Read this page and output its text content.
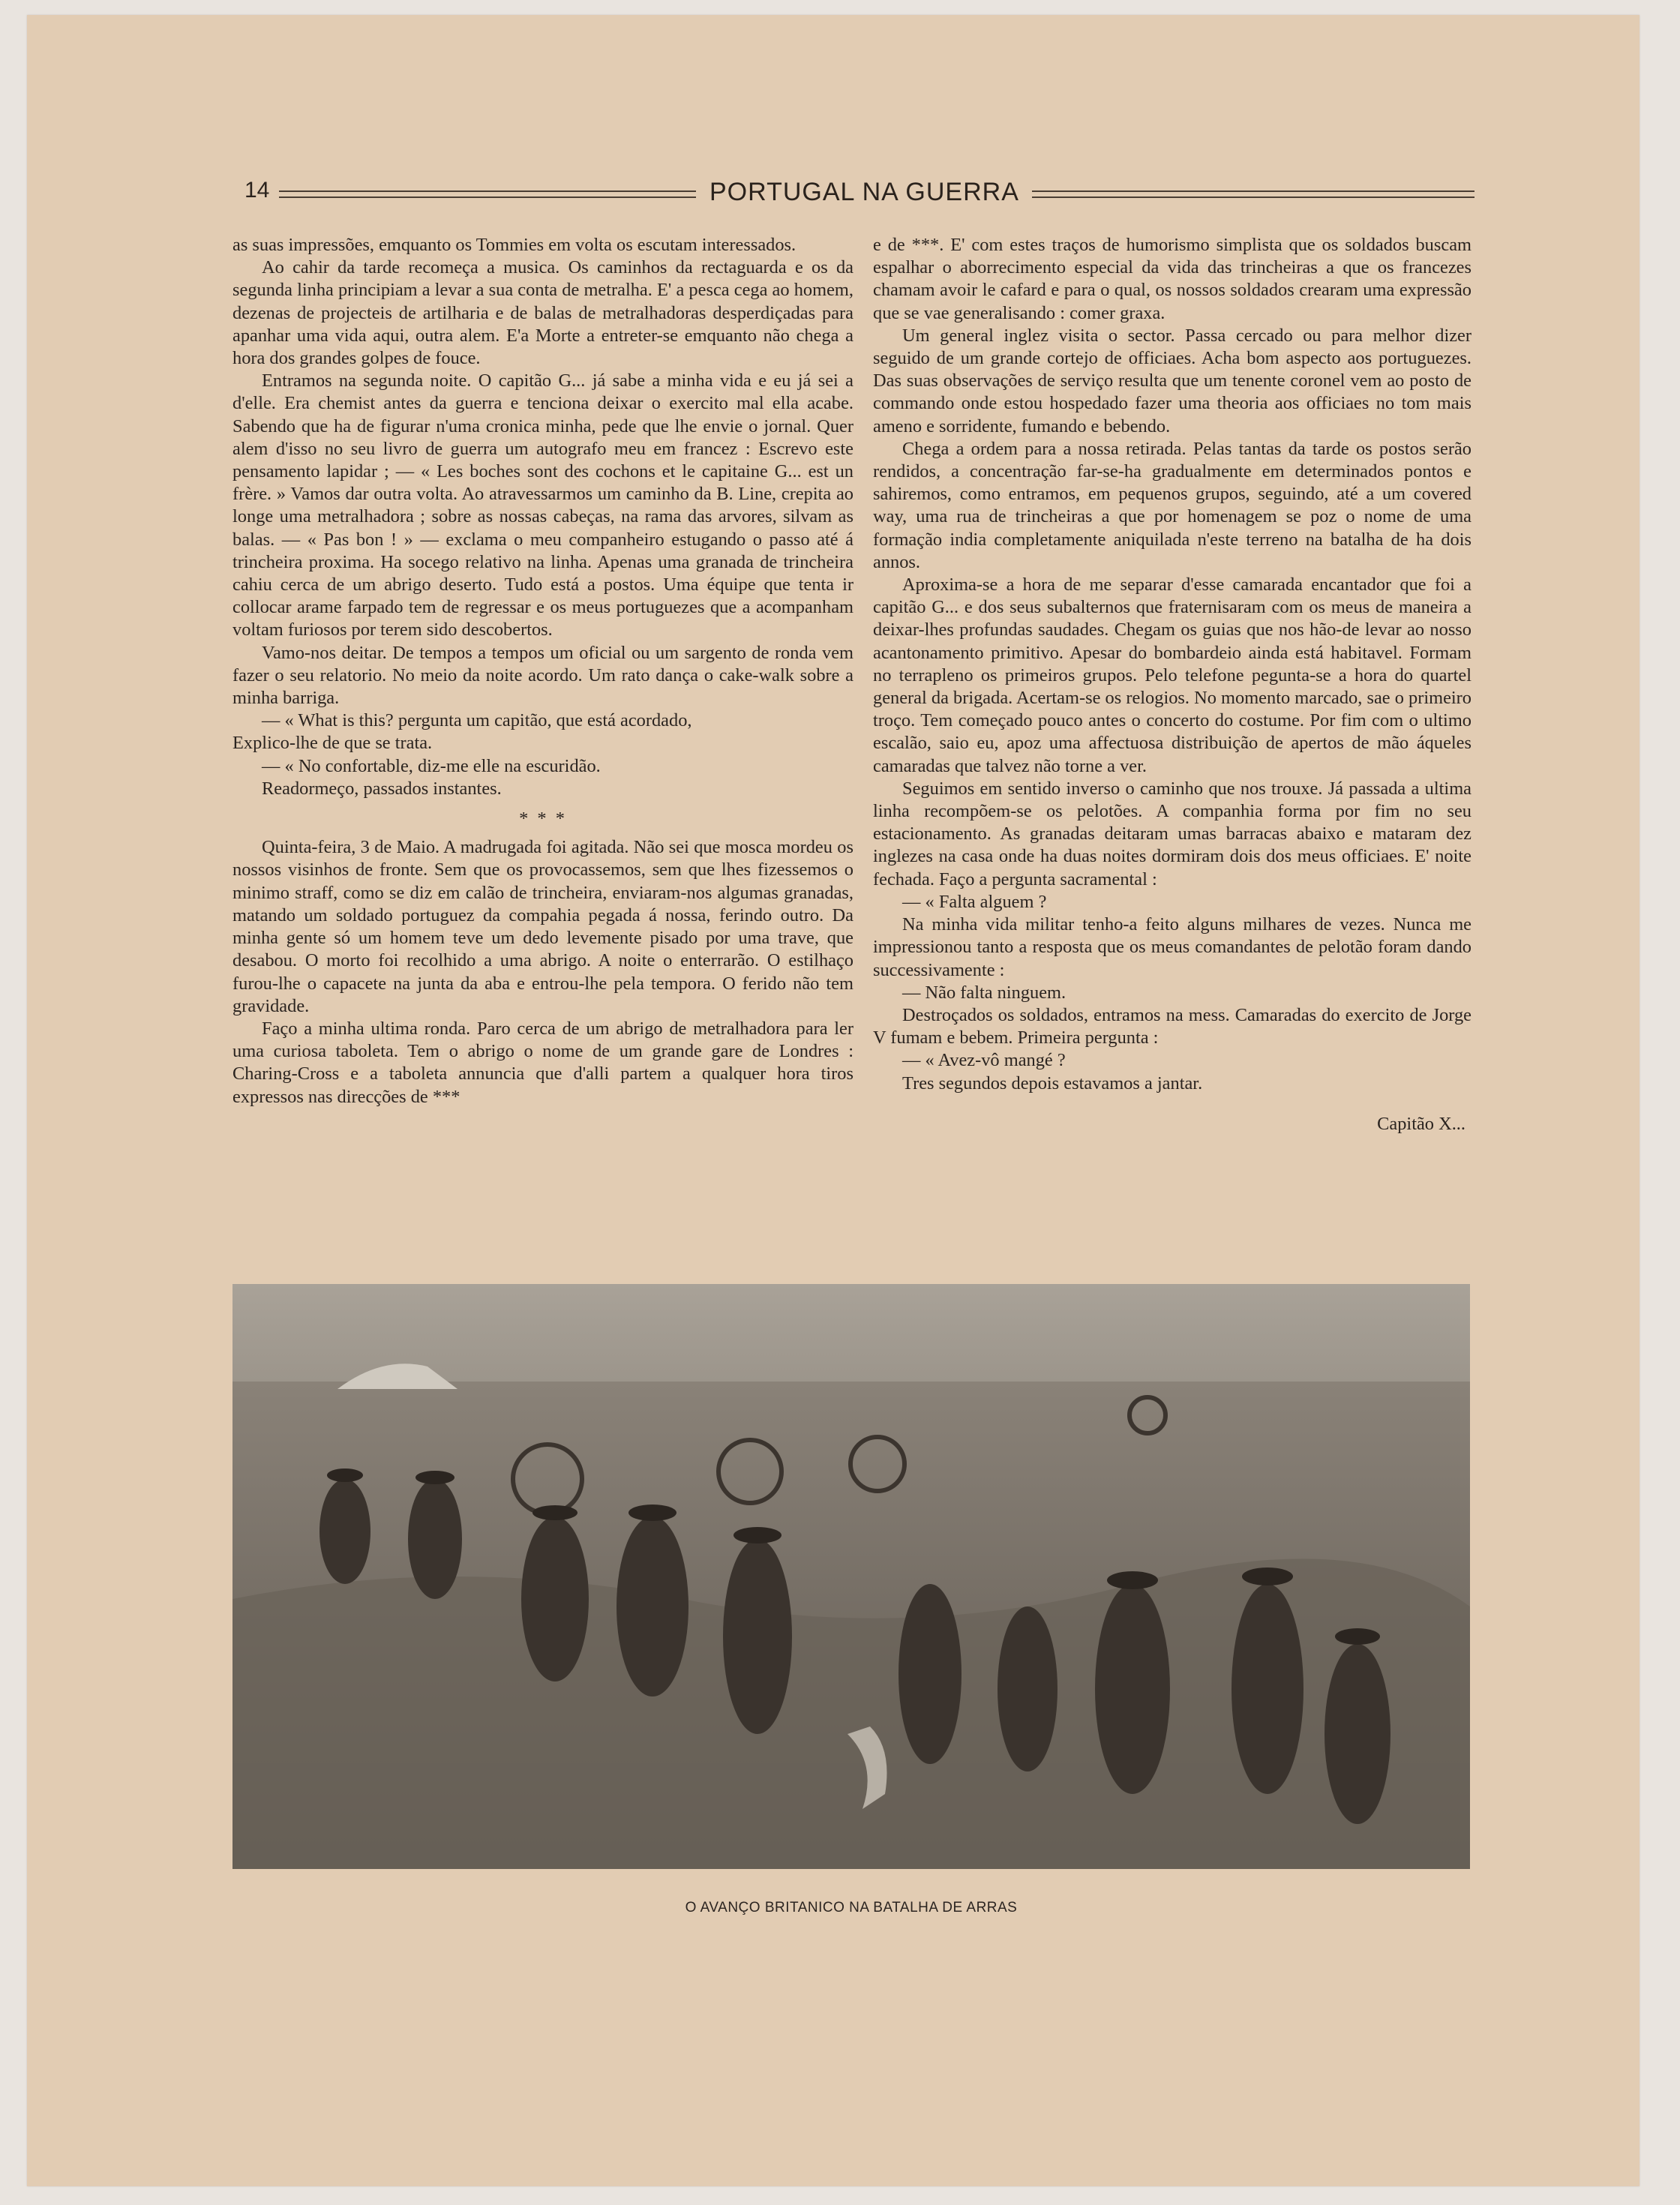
14	PORTUGAL NA GUERRA

as suas impressões, emquanto os Tommies em volta os escutam interessados.

Ao cahir da tarde recomeça a musica. Os caminhos da rectaguarda e os da segunda linha principiam a levar a sua conta de metralha. E' a pesca cega ao homem, dezenas de projecteis de artilharia e de balas de metralhadoras desperdiçadas para apanhar uma vida aqui, outra alem. E'a Morte a entreter-se emquanto não chega a hora dos grandes golpes de fouce.

Entramos na segunda noite. O capitão G... já sabe a minha vida e eu já sei a d'elle. Era chemist antes da guerra e tenciona deixar o exercito mal ella acabe. Sabendo que ha de figurar n'uma cronica minha, pede que lhe envie o jornal. Quer alem d'isso no seu livro de guerra um autografo meu em francez : Escrevo este pensamento lapidar ; — « Les boches sont des cochons et le capitaine G... est un frère. » Vamos dar outra volta. Ao atravessarmos um caminho da B. Line, crepita ao longe uma metralhadora ; sobre as nossas cabeças, na rama das arvores, silvam as balas. — « Pas bon ! » — exclama o meu companheiro estugando o passo até á trincheira proxima. Ha socego relativo na linha. Apenas uma granada de trincheira cahiu cerca de um abrigo deserto. Tudo está a postos. Uma équipe que tenta ir collocar arame farpado tem de regressar e os meus portuguezes que a acompanham voltam furiosos por terem sido descobertos.

Vamo-nos deitar. De tempos a tempos um oficial ou um sargento de ronda vem fazer o seu relatorio. No meio da noite acordo. Um rato dança o cake-walk sobre a minha barriga.

— « What is this? pergunta um capitão, que está acordado,

Explico-lhe de que se trata.

— « No confortable, diz-me elle na escuridão.

Readormeço, passados instantes.

* * *

Quinta-feira, 3 de Maio. A madrugada foi agitada. Não sei que mosca mordeu os nossos visinhos de fronte. Sem que os provocassemos, sem que lhes fizessemos o minimo straff, como se diz em calão de trincheira, enviaram-nos algumas granadas, matando um soldado portuguez da compahia pegada á nossa, ferindo outro. Da minha gente só um homem teve um dedo levemente pisado por uma trave, que desabou. O morto foi recolhido a uma abrigo. A noite o enterrarão. O estilhaço furou-lhe o capacete na junta da aba e entrou-lhe pela tempora. O ferido não tem gravidade.

Faço a minha ultima ronda. Paro cerca de um abrigo de metralhadora para ler uma curiosa taboleta. Tem o abrigo o nome de um grande gare de Londres : Charing-Cross e a taboleta annuncia que d'alli partem a qualquer hora tiros expressos nas direcções de ***

e de ***. E' com estes traços de humorismo simplista que os soldados buscam espalhar o aborrecimento especial da vida das trincheiras a que os francezes chamam avoir le cafard e para o qual, os nossos soldados crearam uma expressão que se vae generalisando : comer graxa.

Um general inglez visita o sector. Passa cercado ou para melhor dizer seguido de um grande cortejo de officiaes. Acha bom aspecto aos portuguezes. Das suas observações de serviço resulta que um tenente coronel vem ao posto de commando onde estou hospedado fazer uma theoria aos officiaes no tom mais ameno e sorridente, fumando e bebendo.

Chega a ordem para a nossa retirada. Pelas tantas da tarde os postos serão rendidos, a concentração far-se-ha gradualmente em determinados pontos e sahiremos, como entramos, em pequenos grupos, seguindo, até a um covered way, uma rua de trincheiras a que por homenagem se poz o nome de uma formação india completamente aniquilada n'este terreno na batalha de ha dois annos.

Aproxima-se a hora de me separar d'esse camarada encantador que foi a capitão G... e dos seus subalternos que fraternisaram com os meus de maneira a deixar-lhes profundas saudades. Chegam os guias que nos hão-de levar ao nosso acantonamento primitivo. Apesar do bombardeio ainda está habitavel. Formam no terrapleno os primeiros grupos. Pelo telefone pegunta-se a hora do quartel general da brigada. Acertam-se os relogios. No momento marcado, sae o primeiro troço. Tem começado pouco antes o concerto do costume. Por fim com o ultimo escalão, saio eu, apoz uma affectuosa distribuição de apertos de mão áqueles camaradas que talvez não torne a ver.

Seguimos em sentido inverso o caminho que nos trouxe. Já passada a ultima linha recompõem-se os pelotões. A companhia forma por fim no seu estacionamento. As granadas deitaram umas barracas abaixo e mataram dez inglezes na casa onde ha duas noites dormiram dois dos meus officiaes. E' noite fechada. Faço a pergunta sacramental :

— « Falta alguem ?

Na minha vida militar tenho-a feito alguns milhares de vezes. Nunca me impressionou tanto a resposta que os meus comandantes de pelotão foram dando successivamente :

— Não falta ninguem.

Destroçados os soldados, entramos na mess. Camaradas do exercito de Jorge V fumam e bebem. Primeira pergunta :

— « Avez-vô mangé ?

Tres segundos depois estavamos a jantar.

Capitão X...

O AVANÇO BRITANICO NA BATALHA DE ARRAS
